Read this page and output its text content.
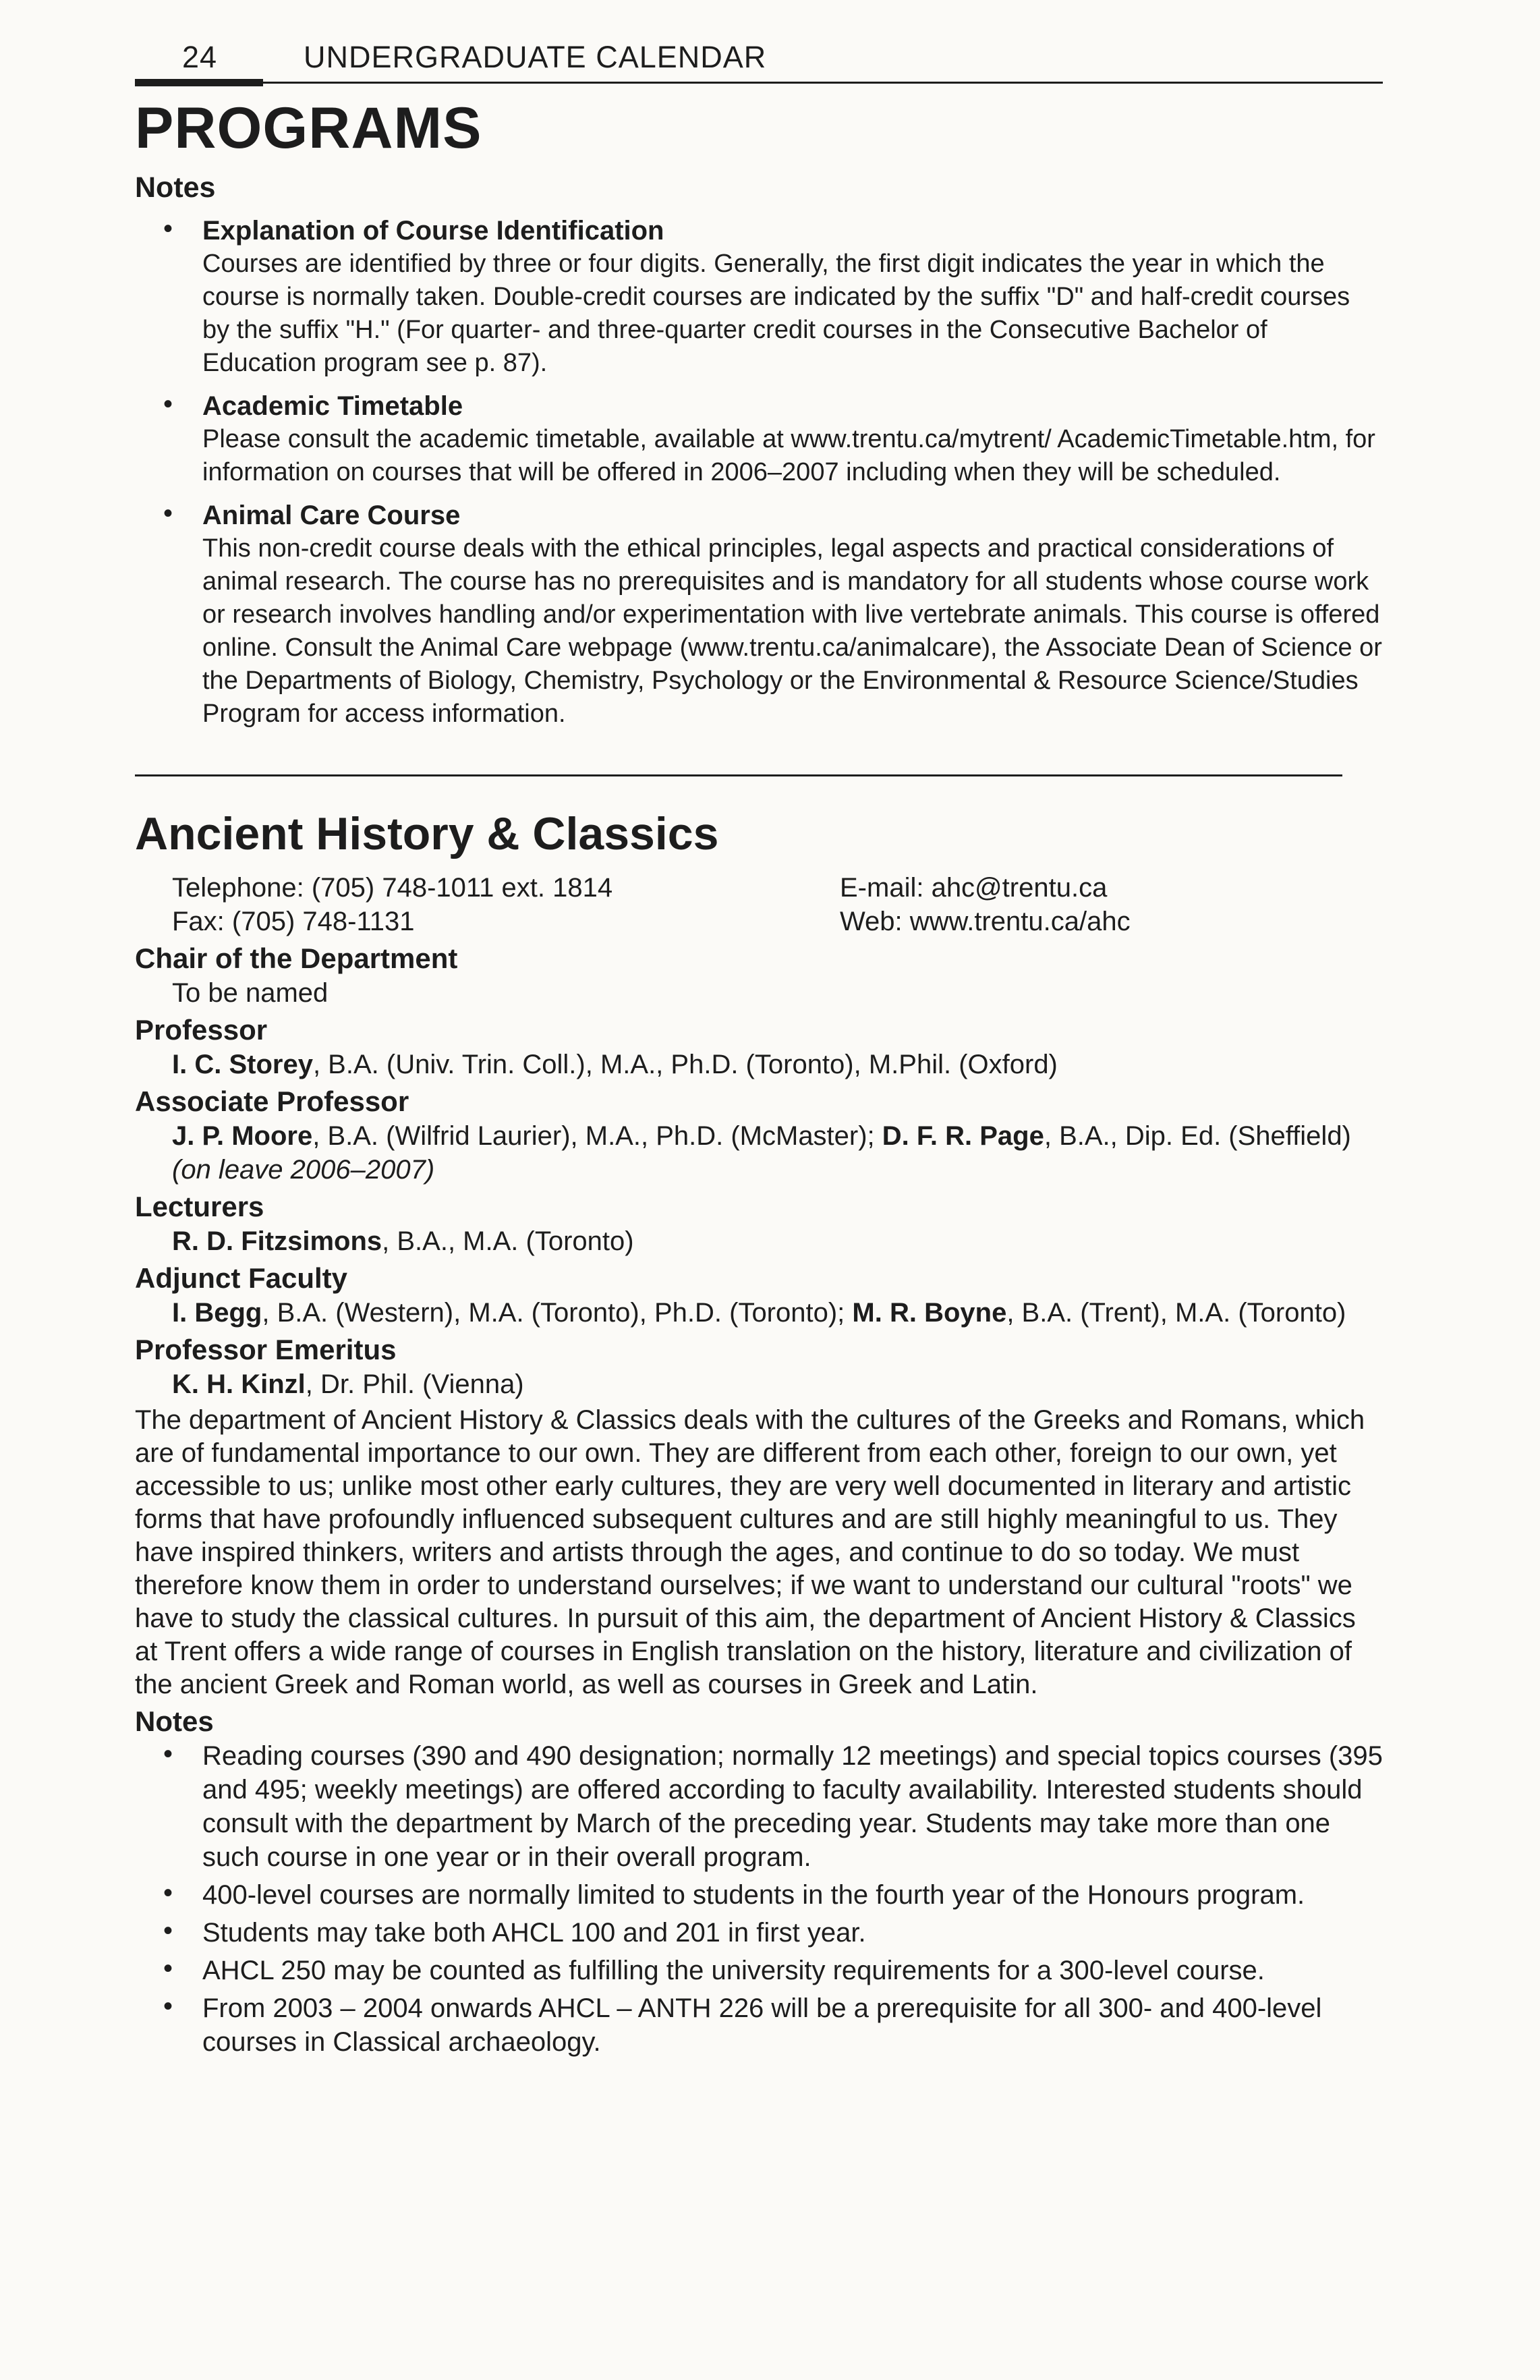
24	UNDERGRADUATE CALENDAR
PROGRAMS
Notes
• Explanation of Course Identification
Courses are identified by three or four digits. Generally, the first digit indicates the year in which the course is normally taken. Double-credit courses are indicated by the suffix "D" and half-credit courses by the suffix "H." (For quarter- and three-quarter credit courses in the Consecutive Bachelor of Education program see p. 87).
• Academic Timetable
Please consult the academic timetable, available at www.trentu.ca/mytrent/ AcademicTimetable.htm, for information on courses that will be offered in 2006–2007 including when they will be scheduled.
• Animal Care Course
This non-credit course deals with the ethical principles, legal aspects and practical considerations of animal research. The course has no prerequisites and is mandatory for all students whose course work or research involves handling and/or experimentation with live vertebrate animals. This course is offered online. Consult the Animal Care webpage (www.trentu.ca/animalcare), the Associate Dean of Science or the Departments of Biology, Chemistry, Psychology or the Environmental & Resource Science/Studies Program for access information.
Ancient History & Classics
Telephone: (705) 748-1011 ext. 1814	E-mail: ahc@trentu.ca
Fax: (705) 748-1131	Web: www.trentu.ca/ahc
Chair of the Department
To be named
Professor
I. C. Storey, B.A. (Univ. Trin. Coll.), M.A., Ph.D. (Toronto), M.Phil. (Oxford)
Associate Professor
J. P. Moore, B.A. (Wilfrid Laurier), M.A., Ph.D. (McMaster); D. F. R. Page, B.A., Dip. Ed. (Sheffield) (on leave 2006–2007)
Lecturers
R. D. Fitzsimons, B.A., M.A. (Toronto)
Adjunct Faculty
I. Begg, B.A. (Western), M.A. (Toronto), Ph.D. (Toronto); M. R. Boyne, B.A. (Trent), M.A. (Toronto)
Professor Emeritus
K. H. Kinzl, Dr. Phil. (Vienna)
The department of Ancient History & Classics deals with the cultures of the Greeks and Romans, which are of fundamental importance to our own. They are different from each other, foreign to our own, yet accessible to us; unlike most other early cultures, they are very well documented in literary and artistic forms that have profoundly influenced subsequent cultures and are still highly meaningful to us. They have inspired thinkers, writers and artists through the ages, and continue to do so today. We must therefore know them in order to understand ourselves; if we want to understand our cultural "roots" we have to study the classical cultures. In pursuit of this aim, the department of Ancient History & Classics at Trent offers a wide range of courses in English translation on the history, literature and civilization of the ancient Greek and Roman world, as well as courses in Greek and Latin.
Notes
• Reading courses (390 and 490 designation; normally 12 meetings) and special topics courses (395 and 495; weekly meetings) are offered according to faculty availability. Interested students should consult with the department by March of the preceding year. Students may take more than one such course in one year or in their overall program.
• 400-level courses are normally limited to students in the fourth year of the Honours program.
• Students may take both AHCL 100 and 201 in first year.
• AHCL 250 may be counted as fulfilling the university requirements for a 300-level course.
• From 2003 – 2004 onwards AHCL – ANTH 226 will be a prerequisite for all 300- and 400-level courses in Classical archaeology.
